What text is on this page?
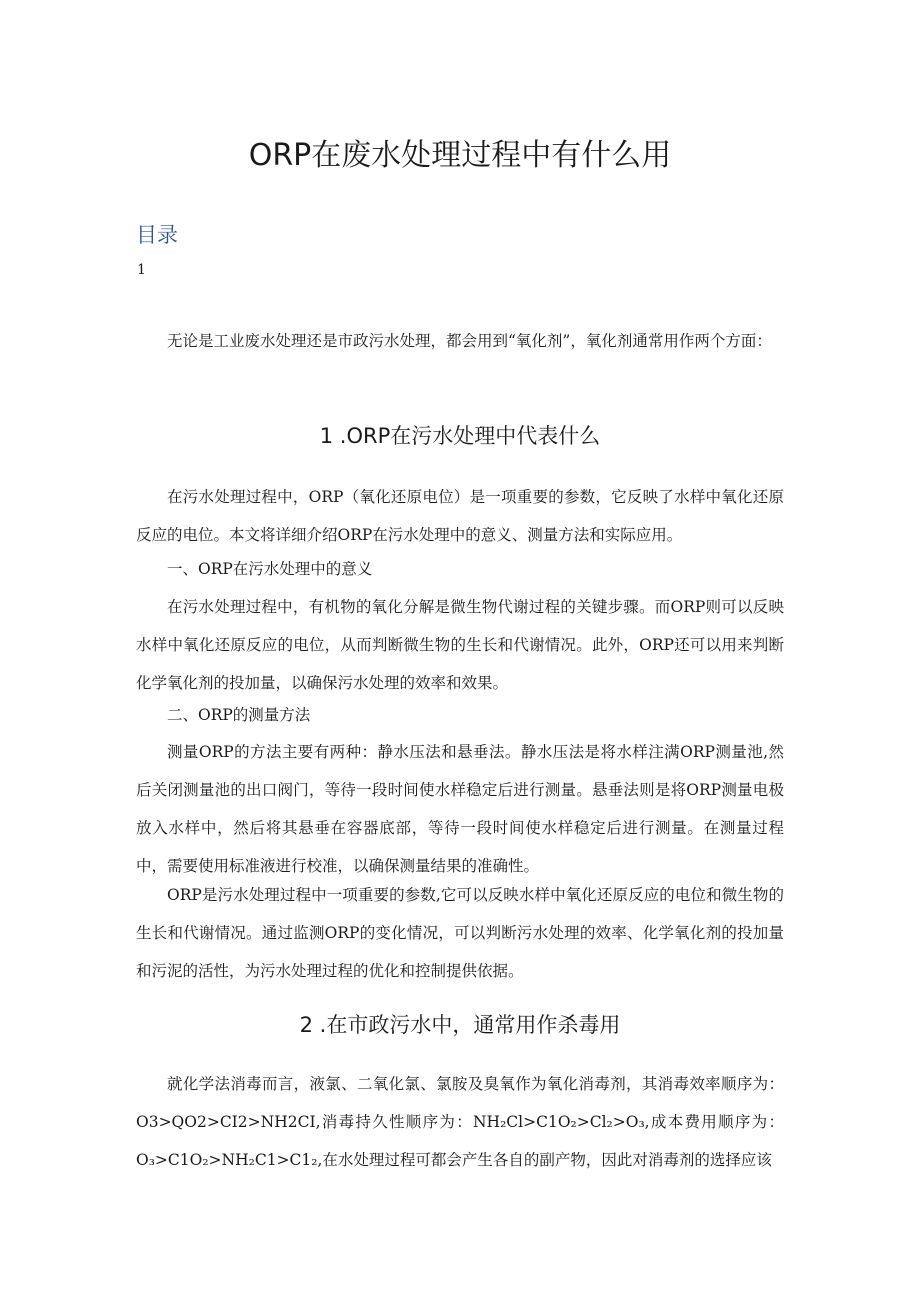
ORP在废水处理过程中有什么用
目录
1

无论是工业废水处理还是市政污水处理，都会用到“氧化剂”，氧化剂通常用作两个方面：

1 .ORP在污水处理中代表什么

在污水处理过程中，ORP（氧化还原电位）是一项重要的参数，它反映了水样中氧化还原反应的电位。本文将详细介绍ORP在污水处理中的意义、测量方法和实际应用。

一、ORP在污水处理中的意义

在污水处理过程中，有机物的氧化分解是微生物代谢过程的关键步骤。而ORP则可以反映水样中氧化还原反应的电位，从而判断微生物的生长和代谢情况。此外，ORP还可以用来判断化学氧化剂的投加量，以确保污水处理的效率和效果。

二、ORP的测量方法

测量ORP的方法主要有两种：静水压法和悬垂法。静水压法是将水样注满ORP测量池,然后关闭测量池的出口阀门，等待一段时间使水样稳定后进行测量。悬垂法则是将ORP测量电极放入水样中，然后将其悬垂在容器底部，等待一段时间使水样稳定后进行测量。在测量过程中，需要使用标准液进行校准，以确保测量结果的准确性。

ORP是污水处理过程中一项重要的参数,它可以反映水样中氧化还原反应的电位和微生物的生长和代谢情况。通过监测ORP的变化情况，可以判断污水处理的效率、化学氧化剂的投加量和污泥的活性，为污水处理过程的优化和控制提供依据。

2 .在市政污水中，通常用作杀毒用

就化学法消毒而言，液氯、二氧化氯、氯胺及臭氧作为氧化消毒剂，其消毒效率顺序为：O3>QO2>CI2>NH2CI,消毒持久性顺序为：NH₂Cl>C1O₂>Cl₂>O₃,成本费用顺序为：O₃>C1O₂>NH₂C1>C1₂,在水处理过程可都会产生各自的副产物，因此对消毒剂的选择应该
